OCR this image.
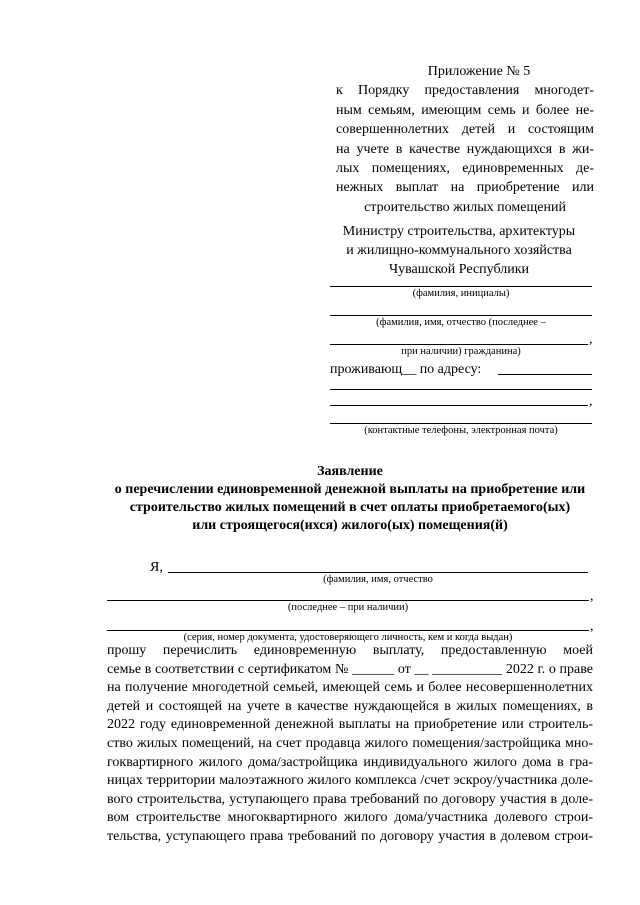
Приложение № 5
к Порядку предоставления многодет-
ным семьям, имеющим семь и более не-
совершеннолетних детей и состоящим
на учете в качестве нуждающихся в жи-
лых помещениях, единовременных де-
нежных выплат на приобретение или
строительство жилых помещений
Министру строительства, архитектуры
и жилищно-коммунального хозяйства
Чувашской Республики
(фамилия, инициалы)
(фамилия, имя, отчество (последнее –
,
при наличии) гражданина)
проживающ__ по адресу:
,
(контактные телефоны, электронная почта)
Заявление
о перечислении единовременной денежной выплаты на приобретение или
строительство жилых помещений в счет оплаты приобретаемого(ых)
или строящегося(ихся) жилого(ых) помещения(й)
Я,
(фамилия, имя, отчество
,
(последнее – при наличии)
,
(серия, номер документа, удостоверяющего личность, кем и когда выдан)
прошу перечислить единовременную выплату, предоставленную моей
семье в соответствии с сертификатом № ______ от __ __________ 2022 г. о праве
на получение многодетной семьей, имеющей семь и более несовершеннолетних
детей и состоящей на учете в качестве нуждающейся в жилых помещениях, в
2022 году единовременной денежной выплаты на приобретение или строитель-
ство жилых помещений, на счет продавца жилого помещения/застройщика мно-
гоквартирного жилого дома/застройщика индивидуального жилого дома в гра-
ницах территории малоэтажного жилого комплекса /счет эскроу/участника доле-
вого строительства, уступающего права требований по договору участия в доле-
вом строительстве многоквартирного жилого дома/участника долевого строи-
тельства, уступающего права требований по договору участия в долевом строи-
